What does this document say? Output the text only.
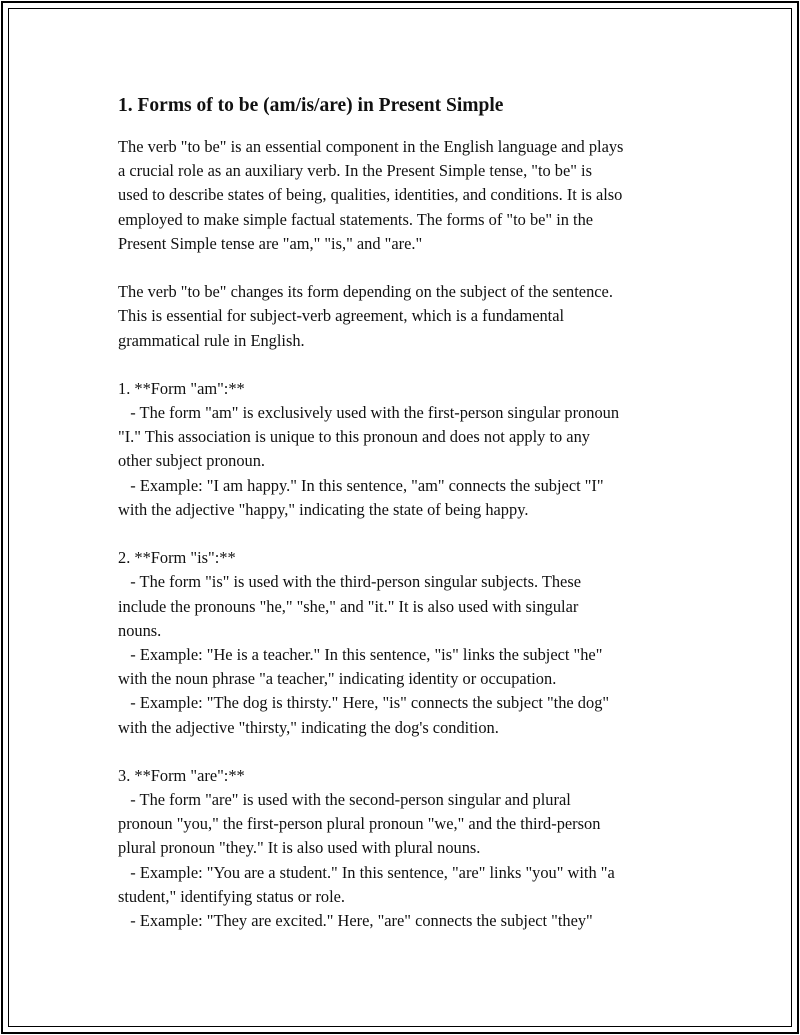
1. Forms of to be (am/is/are) in Present Simple
The verb "to be" is an essential component in the English language and plays
a crucial role as an auxiliary verb. In the Present Simple tense, "to be" is
used to describe states of being, qualities, identities, and conditions. It is also
employed to make simple factual statements. The forms of "to be" in the
Present Simple tense are "am," "is," and "are."
The verb "to be" changes its form depending on the subject of the sentence.
This is essential for subject-verb agreement, which is a fundamental
grammatical rule in English.
1. **Form "am":**
- The form "am" is exclusively used with the first-person singular pronoun
"I." This association is unique to this pronoun and does not apply to any
other subject pronoun.
- Example: "I am happy." In this sentence, "am" connects the subject "I"
with the adjective "happy," indicating the state of being happy.
2. **Form "is":**
- The form "is" is used with the third-person singular subjects. These
include the pronouns "he," "she," and "it." It is also used with singular
nouns.
- Example: "He is a teacher." In this sentence, "is" links the subject "he"
with the noun phrase "a teacher," indicating identity or occupation.
- Example: "The dog is thirsty." Here, "is" connects the subject "the dog"
with the adjective "thirsty," indicating the dog's condition.
3. **Form "are":**
- The form "are" is used with the second-person singular and plural
pronoun "you," the first-person plural pronoun "we," and the third-person
plural pronoun "they." It is also used with plural nouns.
- Example: "You are a student." In this sentence, "are" links "you" with "a
student," identifying status or role.
- Example: "They are excited." Here, "are" connects the subject "they"
